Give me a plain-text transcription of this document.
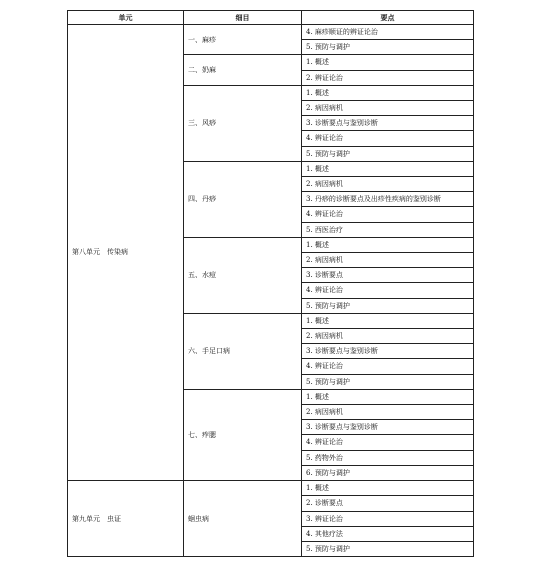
单元	细目	要点
第八单元　传染病	一、麻疹	4. 麻疹顺证的辨证论治
		5. 预防与调护
	二、奶麻	1. 概述
		2. 辨证论治
	三、风痧	1. 概述
		2. 病因病机
		3. 诊断要点与鉴别诊断
		4. 辨证论治
		5. 预防与调护
	四、丹痧	1. 概述
		2. 病因病机
		3. 丹痧的诊断要点及出疹性疾病的鉴别诊断
		4. 辨证论治
		5. 西医治疗
	五、水痘	1. 概述
		2. 病因病机
		3. 诊断要点
		4. 辨证论治
		5. 预防与调护
	六、手足口病	1. 概述
		2. 病因病机
		3. 诊断要点与鉴别诊断
		4. 辨证论治
		5. 预防与调护
	七、痄腮	1. 概述
		2. 病因病机
		3. 诊断要点与鉴别诊断
		4. 辨证论治
		5. 药物外治
		6. 预防与调护
第九单元　虫证	蛔虫病	1. 概述
		2. 诊断要点
		3. 辨证论治
		4. 其他疗法
		5. 预防与调护
